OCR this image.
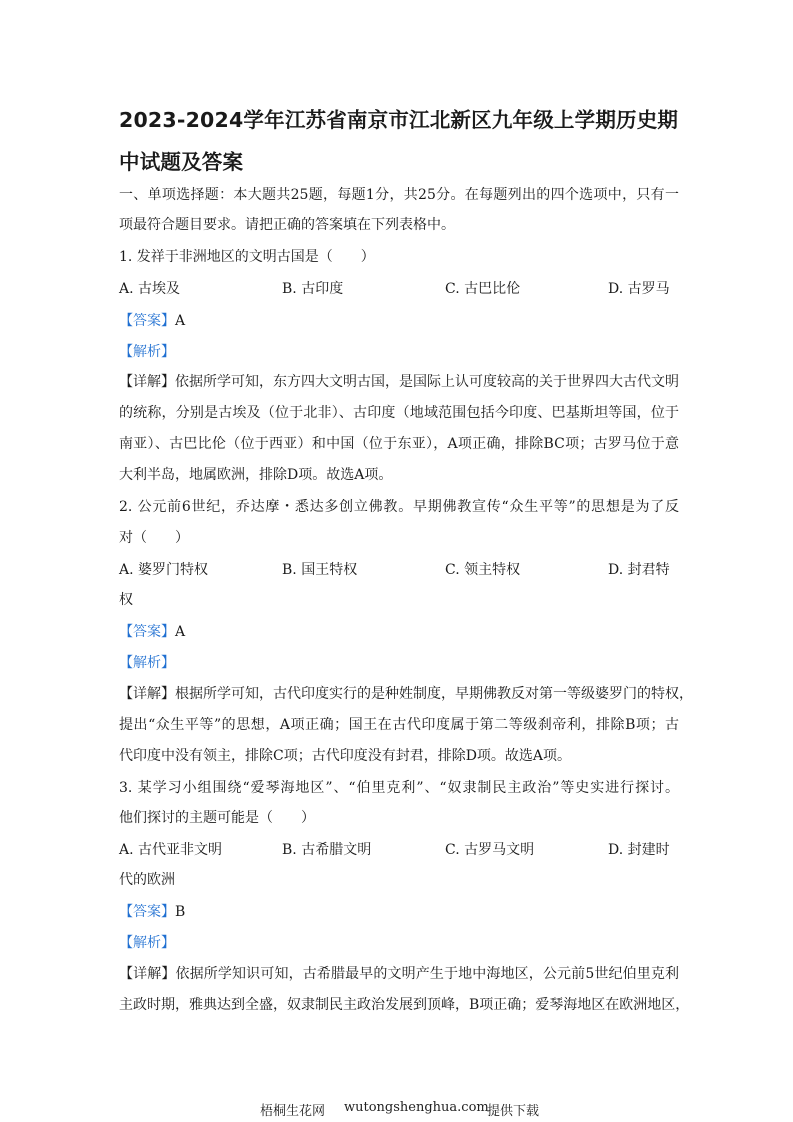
2023-2024学年江苏省南京市江北新区九年级上学期历史期
中试题及答案
一、单项选择题：本大题共25题，每题1分，共25分。在每题列出的四个选项中，只有一
项最符合题目要求。请把正确的答案填在下列表格中。
1. 发祥于非洲地区的文明古国是（　　）
A. 古埃及	B. 古印度	C. 古巴比伦	D. 古罗马
【答案】A
【解析】
【详解】依据所学可知，东方四大文明古国，是国际上认可度较高的关于世界四大古代文明
的统称，分别是古埃及（位于北非）、古印度（地域范围包括今印度、巴基斯坦等国，位于
南亚）、古巴比伦（位于西亚）和中国（位于东亚），A项正确，排除BC项；古罗马位于意
大利半岛，地属欧洲，排除D项。故选A项。
2. 公元前6世纪，乔达摩・悉达多创立佛教。早期佛教宣传“众生平等”的思想是为了反
对（　　）
A. 婆罗门特权	B. 国王特权	C. 领主特权	D. 封君特
权
【答案】A
【解析】
【详解】根据所学可知，古代印度实行的是种姓制度，早期佛教反对第一等级婆罗门的特权，
提出“众生平等”的思想，A项正确；国王在古代印度属于第二等级刹帝利，排除B项；古
代印度中没有领主，排除C项；古代印度没有封君，排除D项。故选A项。
3. 某学习小组围绕“爱琴海地区”、“伯里克利”、“奴隶制民主政治”等史实进行探讨。
他们探讨的主题可能是（　　）
A. 古代亚非文明	B. 古希腊文明	C. 古罗马文明	D. 封建时
代的欧洲
【答案】B
【解析】
【详解】依据所学知识可知，古希腊最早的文明产生于地中海地区，公元前5世纪伯里克利
主政时期，雅典达到全盛，奴隶制民主政治发展到顶峰，B项正确；爱琴海地区在欧洲地区，
梧桐生花网 wutongshenghua.com
提供下载
